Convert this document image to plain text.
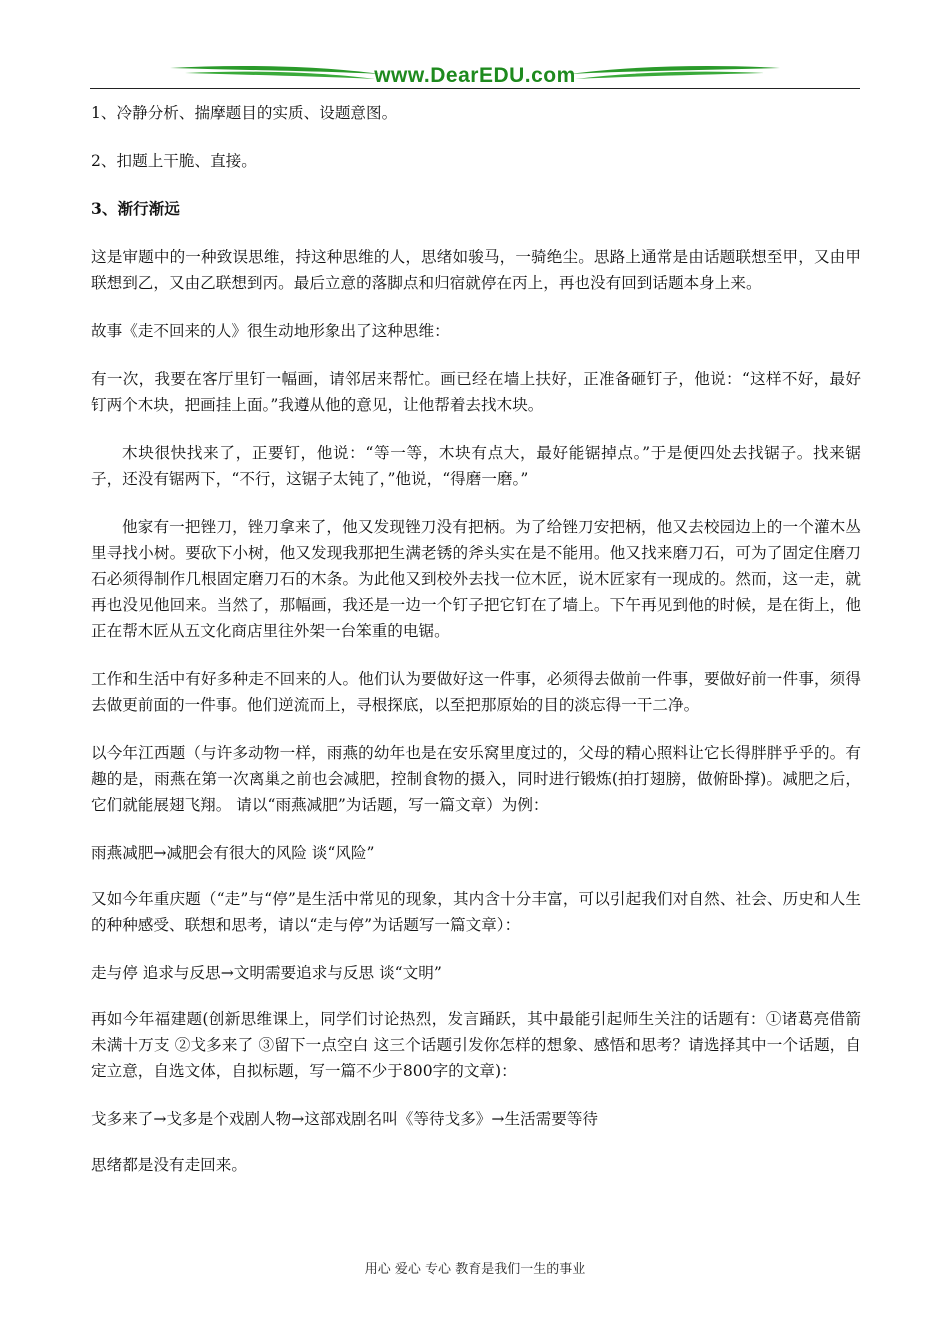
www.DearEDU.com

1、冷静分析、揣摩题目的实质、设题意图。

2、扣题上干脆、直接。

3、渐行渐远

这是审题中的一种致误思维，持这种思维的人，思绪如骏马，一骑绝尘。思路上通常是由话题联想至甲，又由甲联想到乙，又由乙联想到丙。最后立意的落脚点和归宿就停在丙上，再也没有回到话题本身上来。

故事《走不回来的人》很生动地形象出了这种思维：

有一次，我要在客厅里钉一幅画，请邻居来帮忙。画已经在墙上扶好，正准备砸钉子，他说：“这样不好，最好钉两个木块，把画挂上面。”我遵从他的意见，让他帮着去找木块。

木块很快找来了，正要钉，他说：“等一等，木块有点大，最好能锯掉点。”于是便四处去找锯子。找来锯子，还没有锯两下，“不行，这锯子太钝了，”他说，“得磨一磨。”

他家有一把锉刀，锉刀拿来了，他又发现锉刀没有把柄。为了给锉刀安把柄，他又去校园边上的一个灌木丛里寻找小树。要砍下小树，他又发现我那把生满老锈的斧头实在是不能用。他又找来磨刀石，可为了固定住磨刀石必须得制作几根固定磨刀石的木条。为此他又到校外去找一位木匠，说木匠家有一现成的。然而，这一走，就再也没见他回来。当然了，那幅画，我还是一边一个钉子把它钉在了墙上。下午再见到他的时候，是在街上，他正在帮木匠从五文化商店里往外架一台笨重的电锯。

工作和生活中有好多种走不回来的人。他们认为要做好这一件事，必须得去做前一件事，要做好前一件事，须得去做更前面的一件事。他们逆流而上，寻根探底，以至把那原始的目的淡忘得一干二净。

以今年江西题（与许多动物一样，雨燕的幼年也是在安乐窝里度过的，父母的精心照料让它长得胖胖乎乎的。有趣的是，雨燕在第一次离巢之前也会减肥，控制食物的摄入，同时进行锻炼(拍打翅膀，做俯卧撑)。减肥之后，它们就能展翅飞翔。 请以“雨燕减肥”为话题，写一篇文章）为例：

雨燕减肥→减肥会有很大的风险 谈“风险”

又如今年重庆题（“走”与“停”是生活中常见的现象，其内含十分丰富，可以引起我们对自然、社会、历史和人生的种种感受、联想和思考，请以“走与停”为话题写一篇文章）：

走与停 追求与反思→文明需要追求与反思 谈“文明”

再如今年福建题(创新思维课上，同学们讨论热烈，发言踊跃，其中最能引起师生关注的话题有：①诸葛亮借箭未满十万支 ②戈多来了 ③留下一点空白 这三个话题引发你怎样的想象、感悟和思考？请选择其中一个话题，自定立意，自选文体，自拟标题，写一篇不少于800字的文章)：

戈多来了→戈多是个戏剧人物→这部戏剧名叫《等待戈多》→生活需要等待

思绪都是没有走回来。

用心 爱心 专心 教育是我们一生的事业
